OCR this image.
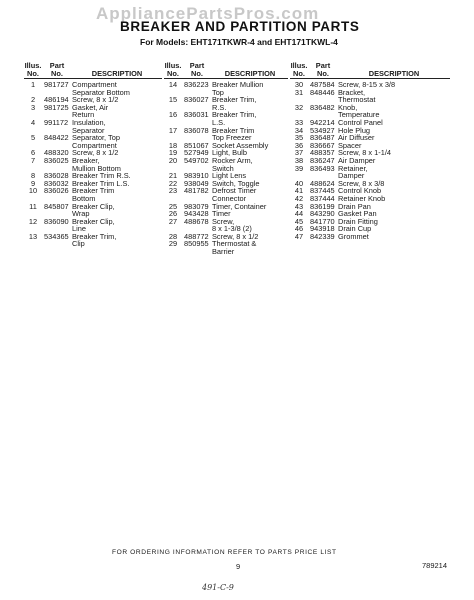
AppliancePartsPros.com
BREAKER AND PARTITION PARTS
For Models: EHT171TKWR-4 and EHT171TKWL-4
Illus.
No.
Part
No.	DESCRIPTION
1	981727 Compartment
Separator Bottom
2	486194 Screw, 8 x 1/2
3	981725 Gasket, Air
Return
4	991172 Insulation,
Separator
5	848422 Separator, Top
Compartment
6	488320 Screw, 8 x 1/2
7	836025 Breaker,
Mullion Bottom
8	836028 Breaker Trim R.S.
9	836032 Breaker Trim L.S.
10 836026 Breaker Trim
Bottom
11 845807 Breaker Clip,
Wrap
12 836090 Breaker Clip,
Line
13 534365 Breaker Trim,
Clip
Illus.
No.
Part
No.	DESCRIPTION
14 836223 Breaker Mullion
Top
15 836027 Breaker Trim,
R.S.
16 836031 Breaker Trim,
L.S.
17 836078 Breaker Trim
Top Freezer
18 851067 Socket Assembly
19 527949 Light, Bulb
20 549702 Rocker Arm,
Switch
21 983910 Light Lens
22 938049 Switch, Toggle
23 481782 Defrost Timer
Connector
25 983079 Timer, Container
26 943428 Timer
27 488678 Screw,
8 x 1-3/8 (2)
28 488772 Screw, 8 x 1/2
29 850955 Thermostat &
Barrier
Illus.
No.
Part
No.	DESCRIPTION
30 487584 Screw, 8-15 x 3/8
31 848446 Bracket,
Thermostat
32 836482 Knob,
Temperature
33 942214 Control Panel
34 534927 Hole Plug
35 836487 Air Diffuser
36 836667 Spacer
37 488357 Screw, 8 x 1-1/4
38 836247 Air Damper
39 836493 Retainer,
Damper
40 488624 Screw, 8 x 3/8
41 837445 Control Knob
42 837444 Retainer Knob
43 836199 Drain Pan
44 843290 Gasket Pan
45 841770 Drain Fitting
46 943918 Drain Cup
47 842339 Grommet
FOR ORDERING INFORMATION REFER TO PARTS PRICE LIST
9	789214
491-C-9
